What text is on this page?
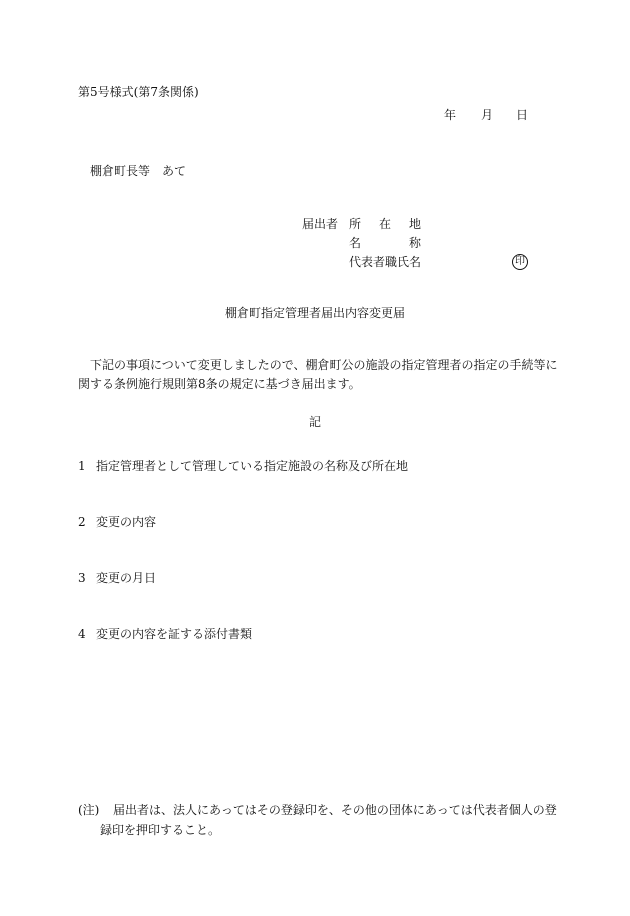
第5号様式(第7条関係)
年 月 日
棚倉町長等　あて
届出者 所　在　地
名　　称
代表者職氏名	印
棚倉町指定管理者届出内容変更届
下記の事項について変更しましたので、棚倉町公の施設の指定管理者の指定の手続等に
関する条例施行規則第8条の規定に基づき届出ます。
記
1 指定管理者として管理している指定施設の名称及び所在地
2 変更の内容
3 変更の月日
4 変更の内容を証する添付書類
(注) 届出者は、法人にあってはその登録印を、その他の団体にあっては代表者個人の登
録印を押印すること。
